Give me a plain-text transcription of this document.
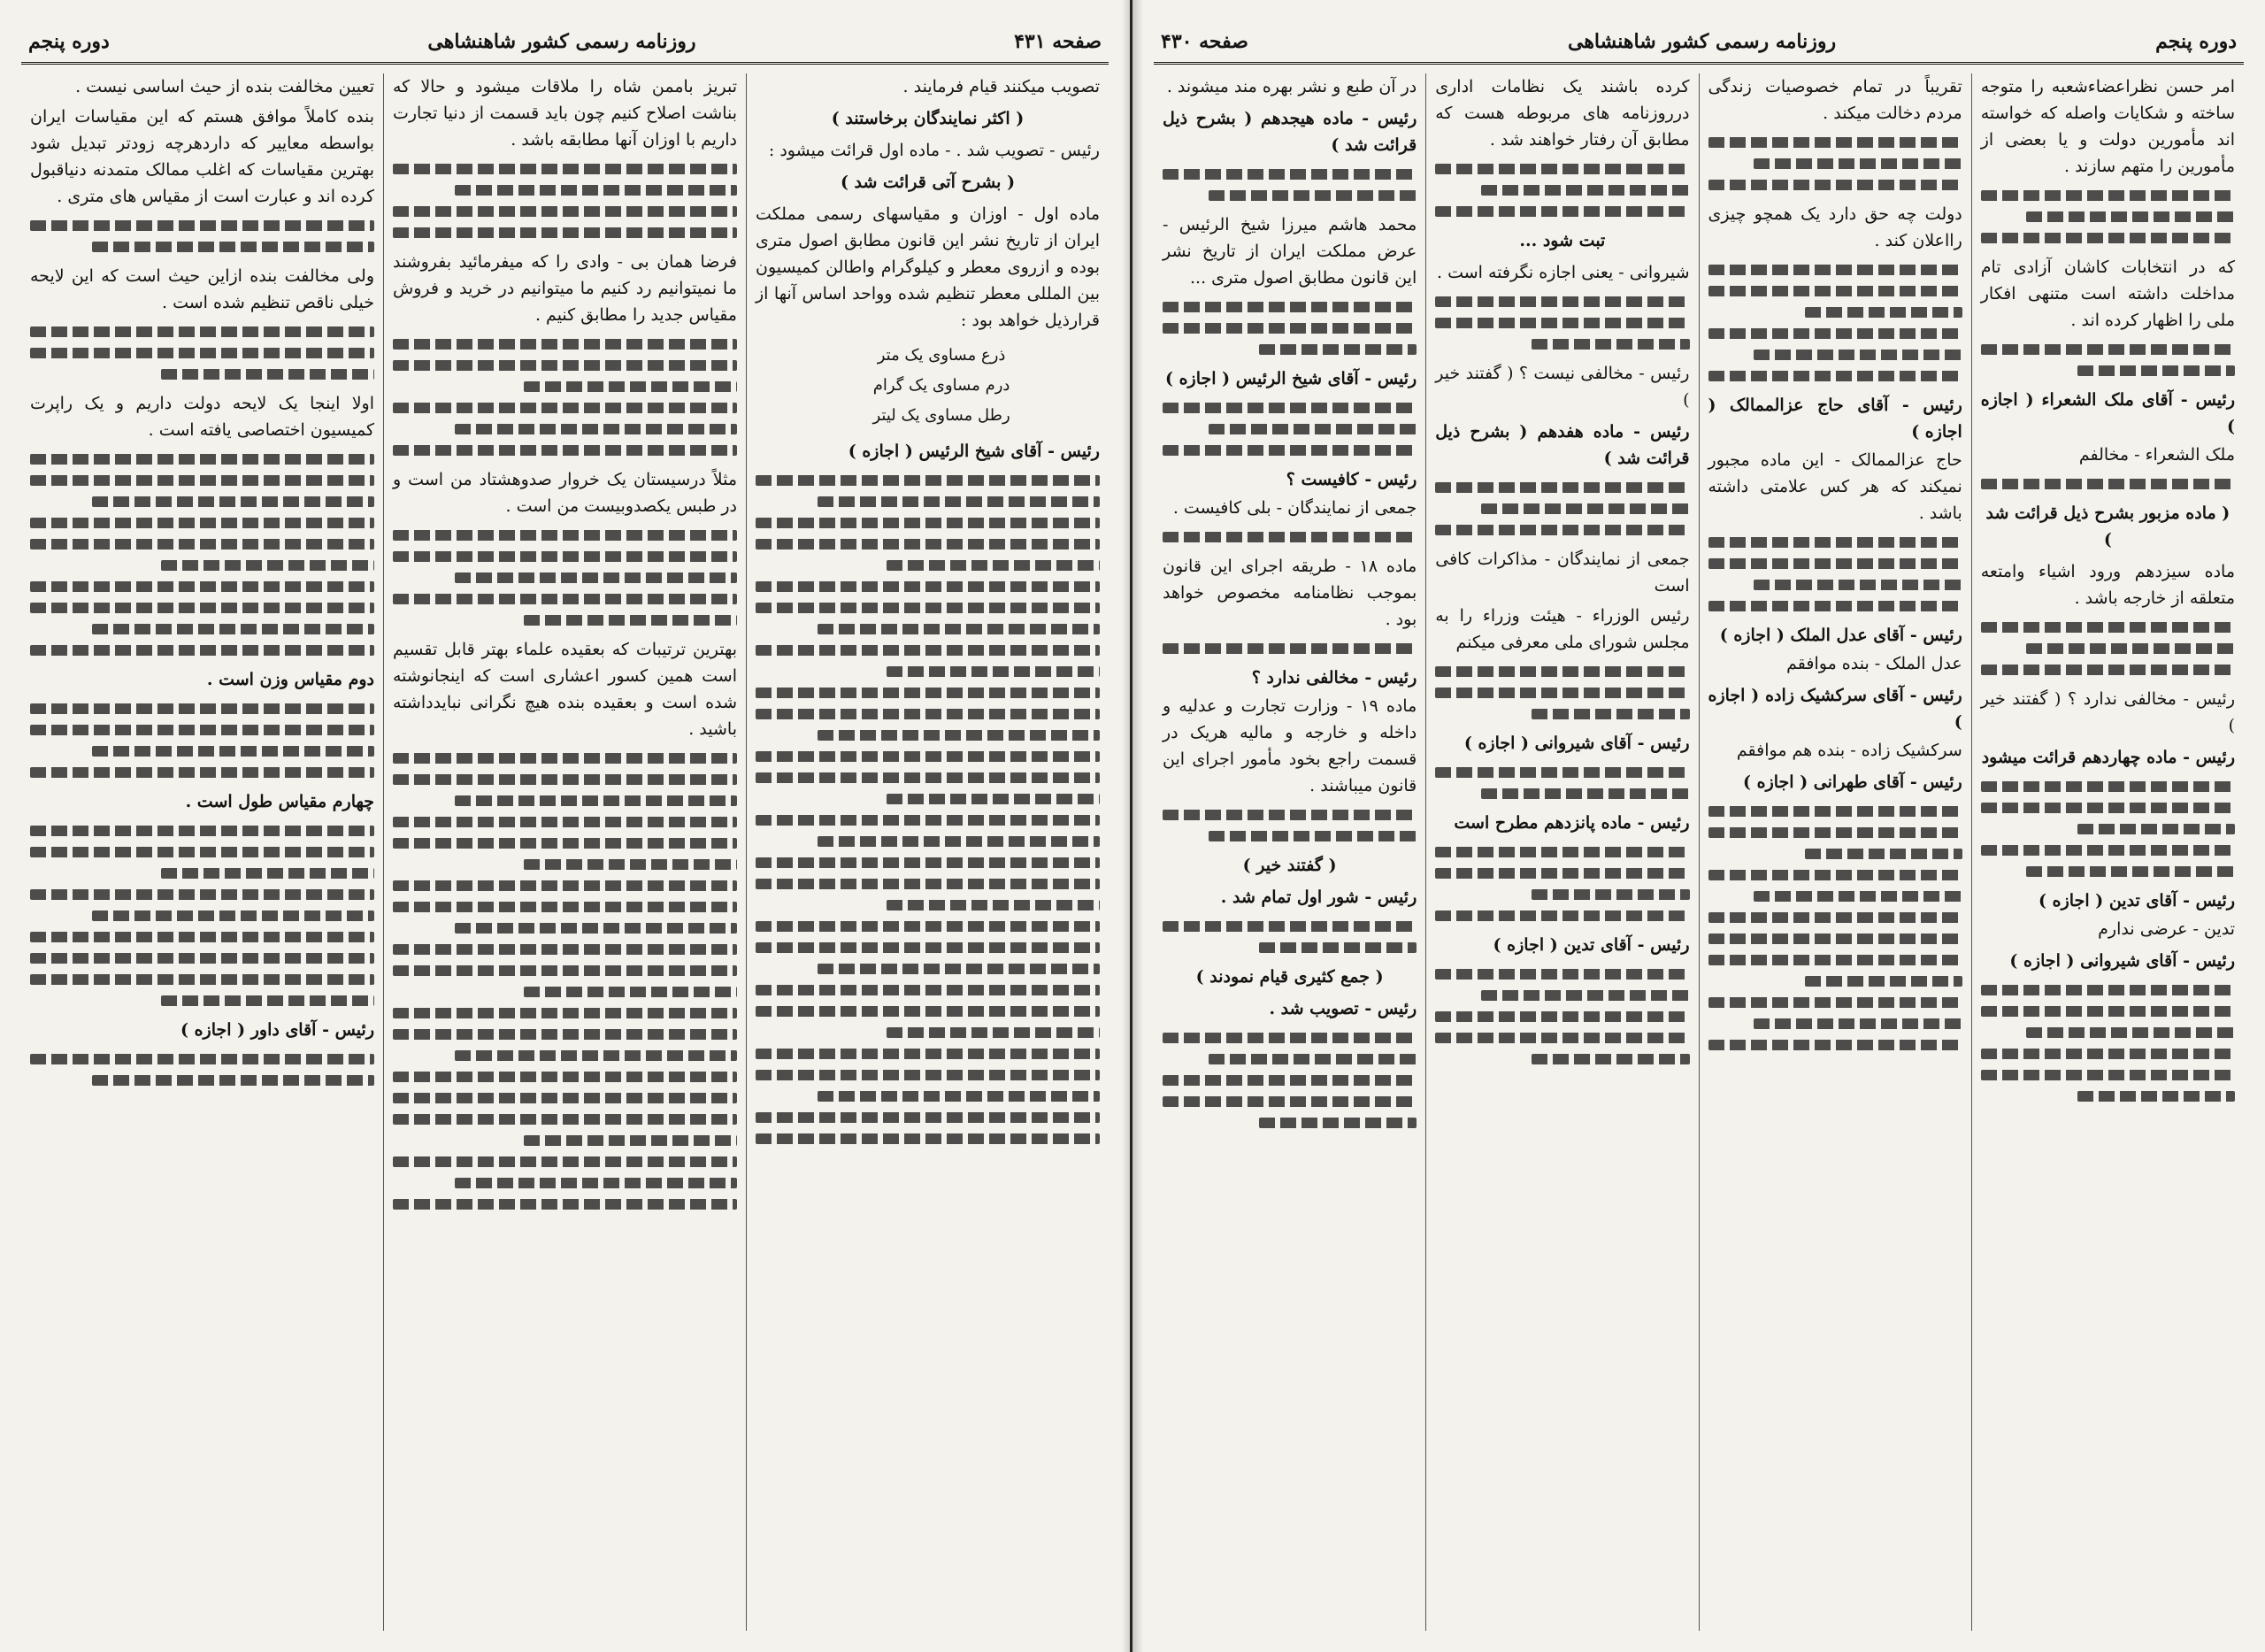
صفحه ۴۳۱
روزنامه رسمی کشور شاهنشاهی
دوره پنجم

تصویب میکنند قیام فرمایند .

( اکثر نمایندگان برخاستند )

رئیس - تصویب شد . - ماده اول قرائت میشود :

( بشرح آتی قرائت شد )

ماده اول - اوزان و مقیاسهای رسمی مملکت ایران از تاریخ نشر این قانون مطابق اصول متری بوده و ازروی معطر و کیلوگرام واطالن کمیسیون بین المللی معطر تنظیم شده وواحد اساس آنها از قرارذیل خواهد بود :

ذرع مساوی یک متر
درم مساوی یک گرام
رطل مساوی یک لیتر

رئیس - آقای شیخ الرئیس ( اجازه )

تبریز باممن شاه را ملاقات میشود و حالا که بناشت اصلاح کنیم چون باید قسمت از دنیا تجارت داریم با اوزان آنها مطابقه باشد .

فرضا همان بی - وادی را که میفرمائید بفروشند ما نمیتوانیم رد کنیم ما میتوانیم در خرید و فروش مقیاس جدید را مطابق کنیم .

مثلاً درسیستان یک خروار صدوهشتاد من است و در طبس یکصدوبیست من است .

بهترین ترتیبات که بعقیده علماء بهتر قابل تقسیم است همین کسور اعشاری است که اینجانوشته شده است و بعقیده بنده هیچ نگرانی نبایدداشته باشید .

تعیین مخالفت بنده از حیث اساسی نیست .

بنده کاملاً موافق هستم که این مقیاسات ایران بواسطه معاییر که داردهرچه زودتر تبدیل شود بهترین مقیاسات که اغلب ممالک متمدنه دنیاقبول کرده اند و عبارت است از مقیاس های متری .

ولی مخالفت بنده ازاین حیث است که این لایحه خیلی ناقص تنظیم شده است .

اولا اینجا یک لایحه دولت داریم و یک راپرت کمیسیون اختصاصی یافته است .

دوم مقیاس وزن است .

چهارم مقیاس طول است .

رئیس - آقای داور ( اجازه )

دوره پنجم
روزنامه رسمی کشور شاهنشاهی
صفحه ۴۳۰

امر حسن نظراعضاءشعبه را متوجه ساخته و شکایات واصله که خواسته اند مأمورین دولت و یا بعضی از مأمورین را متهم سازند .

که در انتخابات کاشان آزادی تام مداخلت داشته است متنهی افکار ملی را اظهار کرده اند .

رئیس - آقای ملک الشعراء ( اجازه )

ملک الشعراء - مخالفم

( ماده مزبور بشرح ذیل قرائت شد )

ماده سیزدهم ورود اشیاء وامتعه متعلقه از خارجه باشد .

رئیس - مخالفی ندارد ؟ ( گفتند خیر )

رئیس - ماده چهاردهم قرائت میشود

رئیس - آقای تدین ( اجازه )

تدین - عرضی ندارم

رئیس - آقای شیروانی ( اجازه )

تقریباً در تمام خصوصیات زندگی مردم دخالت میکند .

دولت چه حق دارد یک همچو چیزی رااعلان کند .

رئیس - آقای حاج عزالممالک ( اجازه )

حاج عزالممالک - این ماده مجبور نمیکند که هر کس علامتی داشته باشد .

رئیس - آقای عدل الملک ( اجازه )

عدل الملک - بنده موافقم

رئیس - آقای سرکشیک زاده ( اجازه )

سرکشیک زاده - بنده هم موافقم

رئیس - آقای طهرانی ( اجازه )

کرده باشند یک نظامات اداری درروزنامه های مربوطه هست که مطابق آن رفتار خواهند شد .

تبت شود ...

شیروانی - یعنی اجازه نگرفته است .

رئیس - مخالفی نیست ؟ ( گفتند خیر )

رئیس - ماده هفدهم ( بشرح ذیل قرائت شد )

جمعی از نمایندگان - مذاکرات کافی است

رئیس الوزراء - هیئت وزراء را به مجلس شورای ملی معرفی میکنم

رئیس - آقای شیروانی ( اجازه )

رئیس - ماده پانزدهم مطرح است

رئیس - آقای تدین ( اجازه )

در آن طبع و نشر بهره مند میشوند .

رئیس - ماده هیجدهم ( بشرح ذیل قرائت شد )

محمد هاشم میرزا شیخ الرئیس - عرض مملکت ایران از تاریخ نشر این قانون مطابق اصول متری ...

رئیس - آقای شیخ الرئیس ( اجازه )

رئیس - کافیست ؟

جمعی از نمایندگان - بلی کافیست .

ماده ۱۸ - طریقه اجرای این قانون بموجب نظامنامه مخصوص خواهد بود .

رئیس - مخالفی ندارد ؟

ماده ۱۹ - وزارت تجارت و عدلیه و داخله و خارجه و مالیه هریک در قسمت راجع بخود مأمور اجرای این قانون میباشند .

( گفتند خیر )

رئیس - شور اول تمام شد .

( جمع کثیری قیام نمودند )

رئیس - تصویب شد .
